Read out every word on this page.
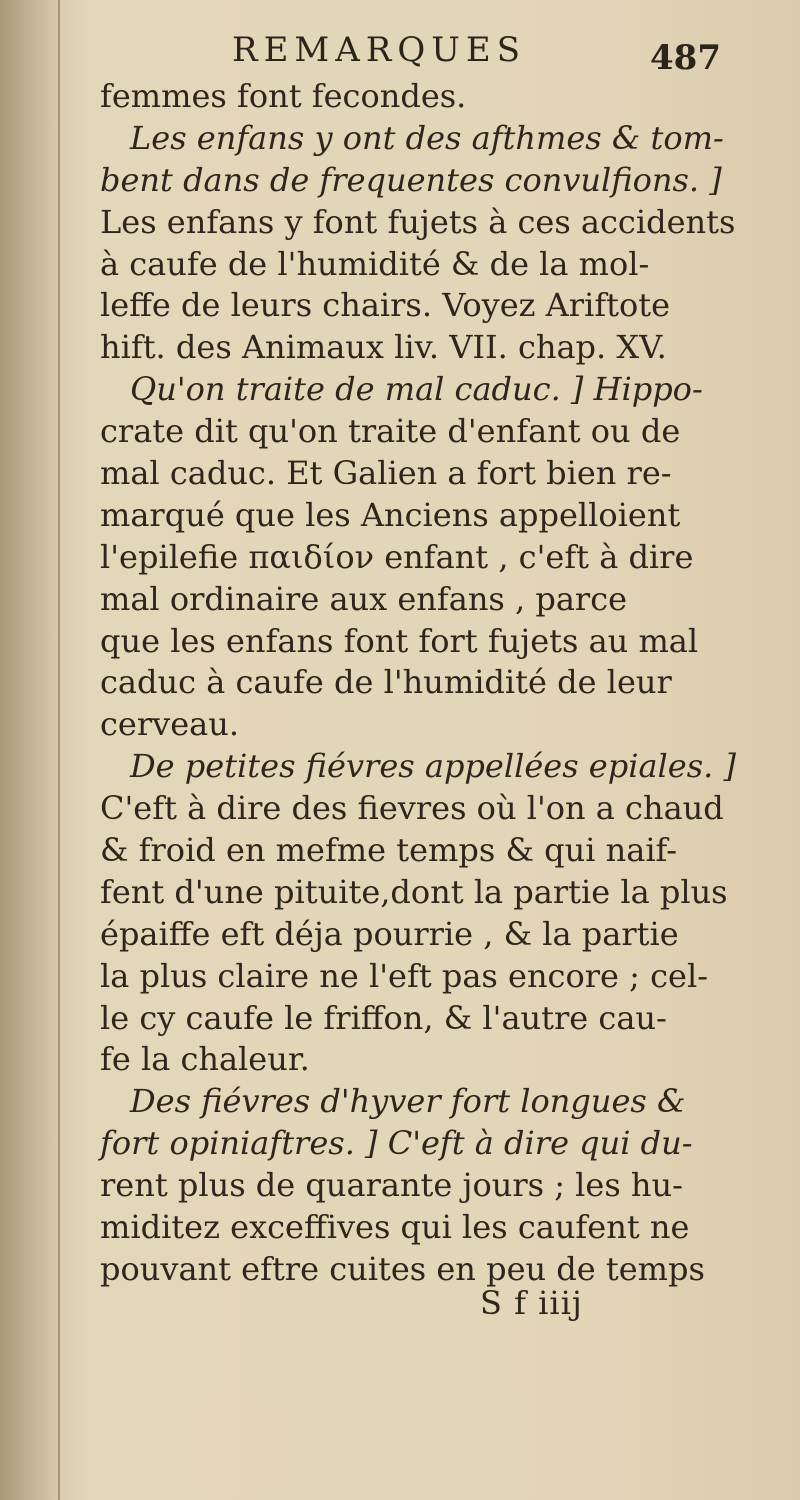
REMARQUES	487
femmes font fecondes.
Les enfans y ont des afthmes & tom-
bent dans de frequentes convulfions. ]
Les enfans y font fujets à ces accidents
à caufe de l'humidité & de la mol-
leffe de leurs chairs. Voyez Ariftote
hift. des Animaux liv. VII. chap. XV.
Qu'on traite de mal caduc. ] Hippo-
crate dit qu'on traite d'enfant ou de
mal caduc. Et Galien a fort bien re-
marqué que les Anciens appelloient
l'epilefie παιδίον enfant , c'eft à dire
mal ordinaire aux enfans , parce
que les enfans font fort fujets au mal
caduc à caufe de l'humidité de leur
cerveau.
De petites fiévres appellées epiales. ]
C'eft à dire des fievres où l'on a chaud
& froid en mefme temps & qui naif-
fent d'une pituite,dont la partie la plus
épaiffe eft déja pourrie , & la partie
la plus claire ne l'eft pas encore ; cel-
le cy caufe le friffon, & l'autre cau-
fe la chaleur.
Des fiévres d'hyver fort longues &
fort opiniaftres. ] C'eft à dire qui du-
rent plus de quarante jours ; les hu-
miditez exceffives qui les caufent ne
pouvant eftre cuites en peu de temps
S f iiij
